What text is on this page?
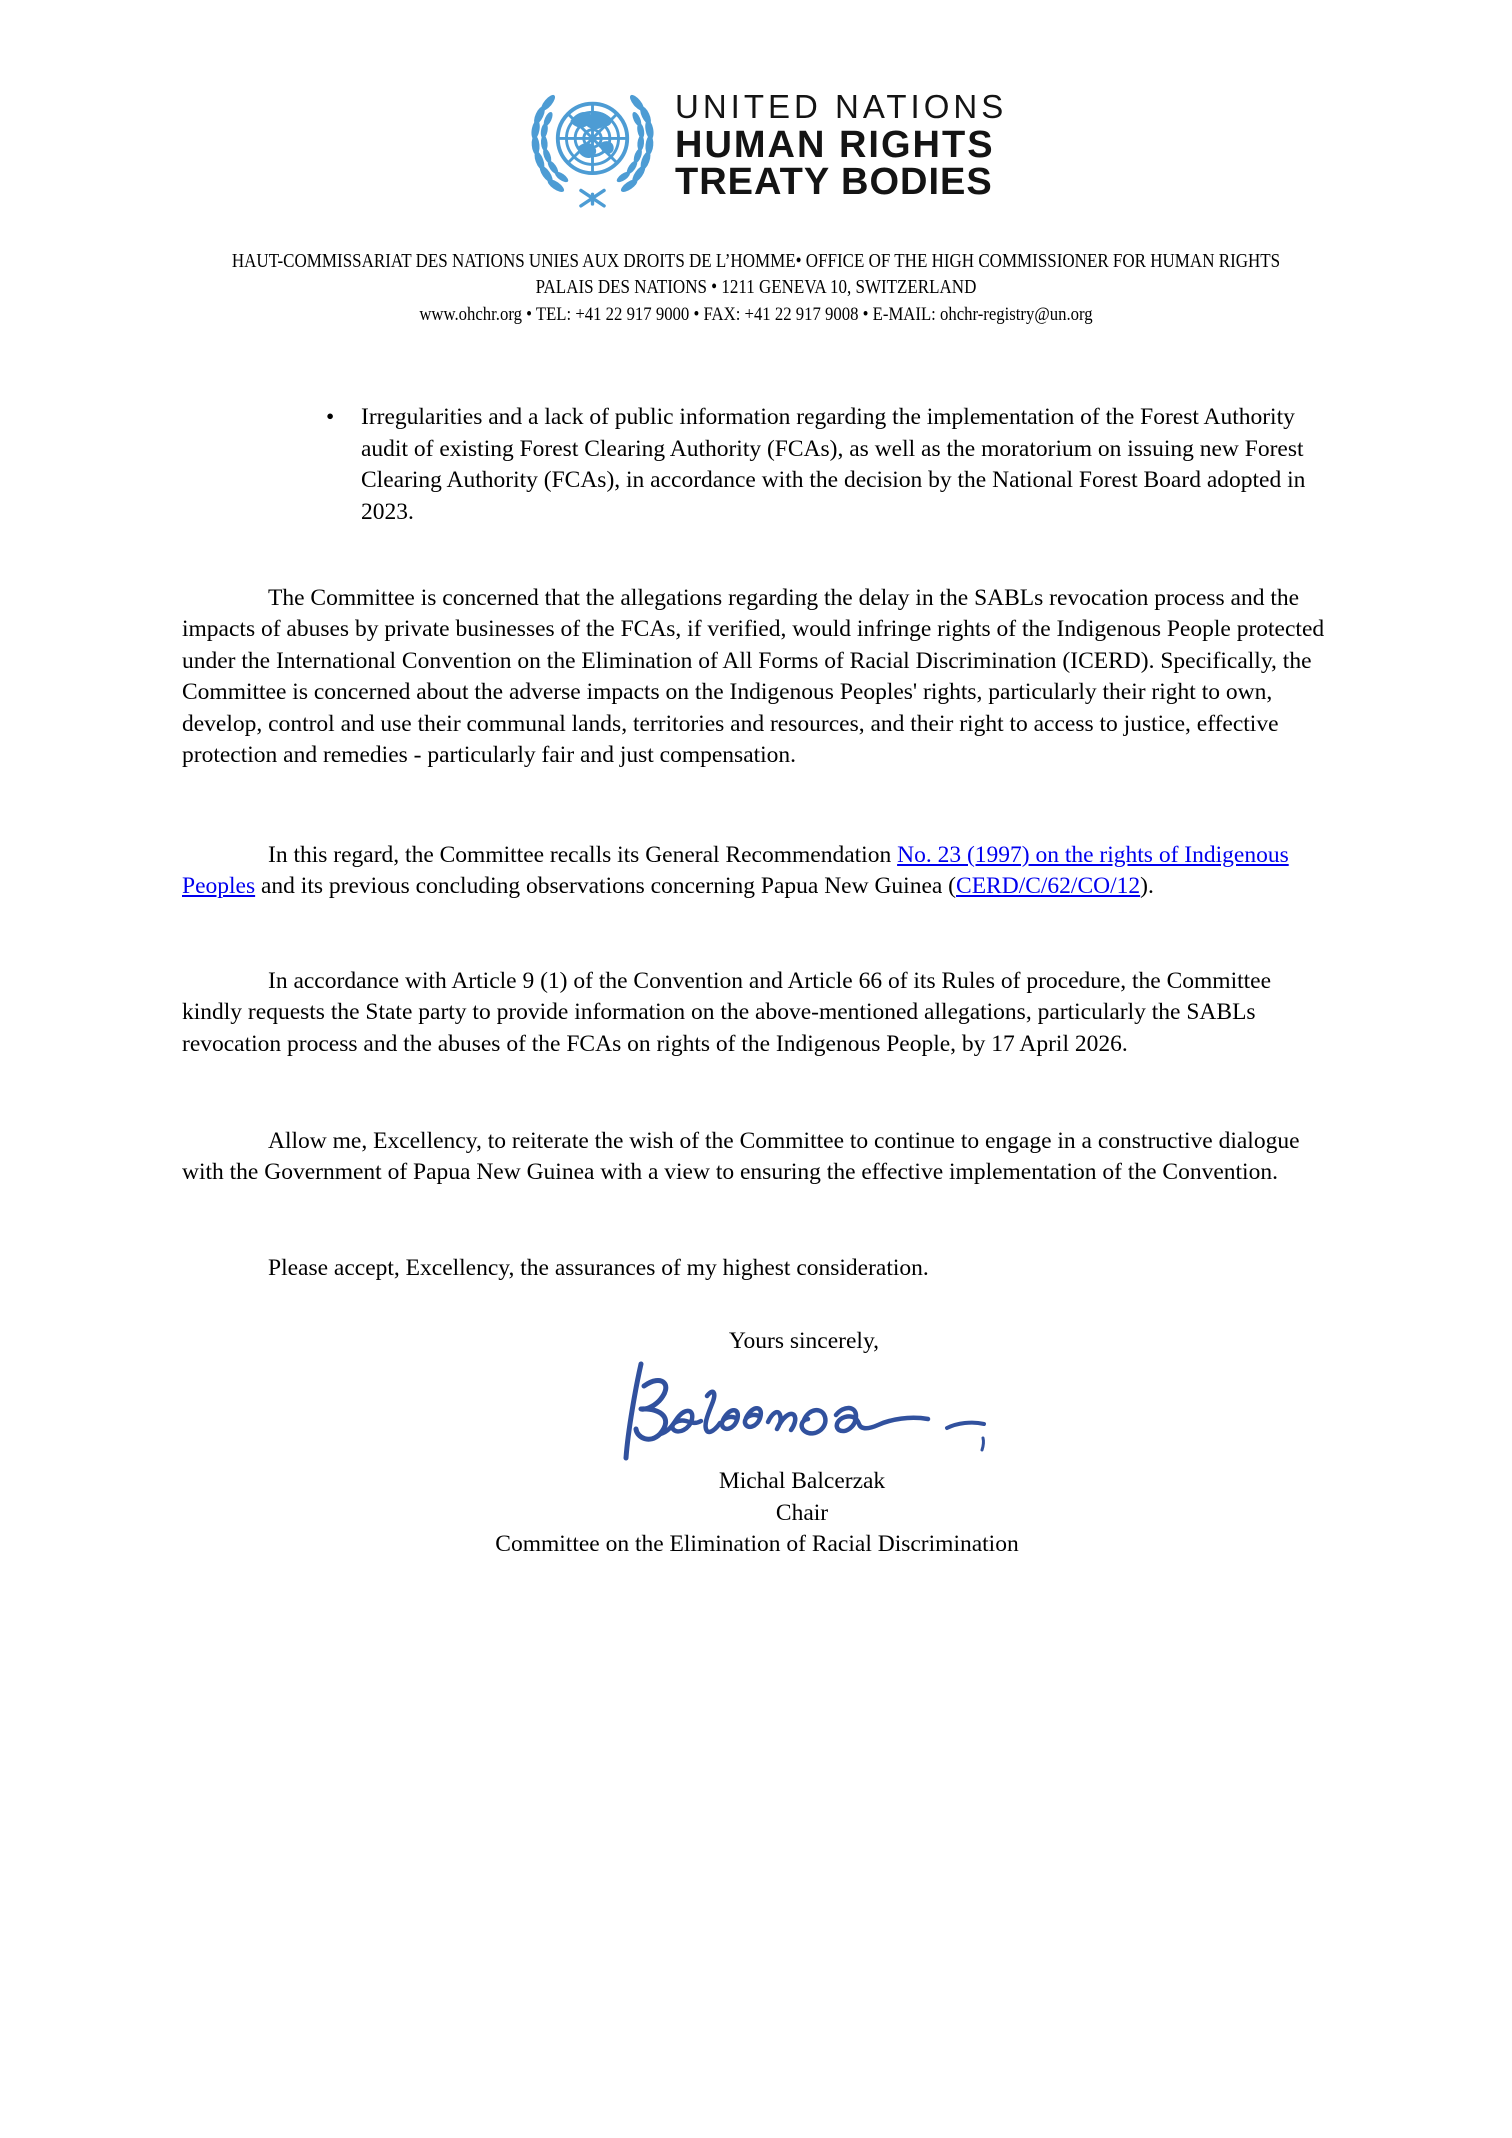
UNITED NATIONS
HUMAN RIGHTS
TREATY BODIES
HAUT-COMMISSARIAT DES NATIONS UNIES AUX DROITS DE L’HOMME• OFFICE OF THE HIGH COMMISSIONER FOR HUMAN RIGHTS
PALAIS DES NATIONS • 1211 GENEVA 10, SWITZERLAND
www.ohchr.org • TEL: +41 22 917 9000 • FAX: +41 22 917 9008 • E-MAIL: ohchr-registry@un.org
•	Irregularities and a lack of public information regarding the implementation of the Forest Authority audit of existing Forest Clearing Authority (FCAs), as well as the moratorium on issuing new Forest Clearing Authority (FCAs), in accordance with the decision by the National Forest Board adopted in 2023.

The Committee is concerned that the allegations regarding the delay in the SABLs revocation process and the impacts of abuses by private businesses of the FCAs, if verified, would infringe rights of the Indigenous People protected under the International Convention on the Elimination of All Forms of Racial Discrimination (ICERD). Specifically, the Committee is concerned about the adverse impacts on the Indigenous Peoples' rights, particularly their right to own, develop, control and use their communal lands, territories and resources, and their right to access to justice, effective protection and remedies - particularly fair and just compensation.

In this regard, the Committee recalls its General Recommendation No. 23 (1997) on the rights of Indigenous Peoples and its previous concluding observations concerning Papua New Guinea (CERD/C/62/CO/12).

In accordance with Article 9 (1) of the Convention and Article 66 of its Rules of procedure, the Committee kindly requests the State party to provide information on the above-mentioned allegations, particularly the SABLs revocation process and the abuses of the FCAs on rights of the Indigenous People, by 17 April 2026.

Allow me, Excellency, to reiterate the wish of the Committee to continue to engage in a constructive dialogue with the Government of Papua New Guinea with a view to ensuring the effective implementation of the Convention.

Please accept, Excellency, the assurances of my highest consideration.

Yours sincerely,
Michal Balcerzak
Chair
Committee on the Elimination of Racial Discrimination
